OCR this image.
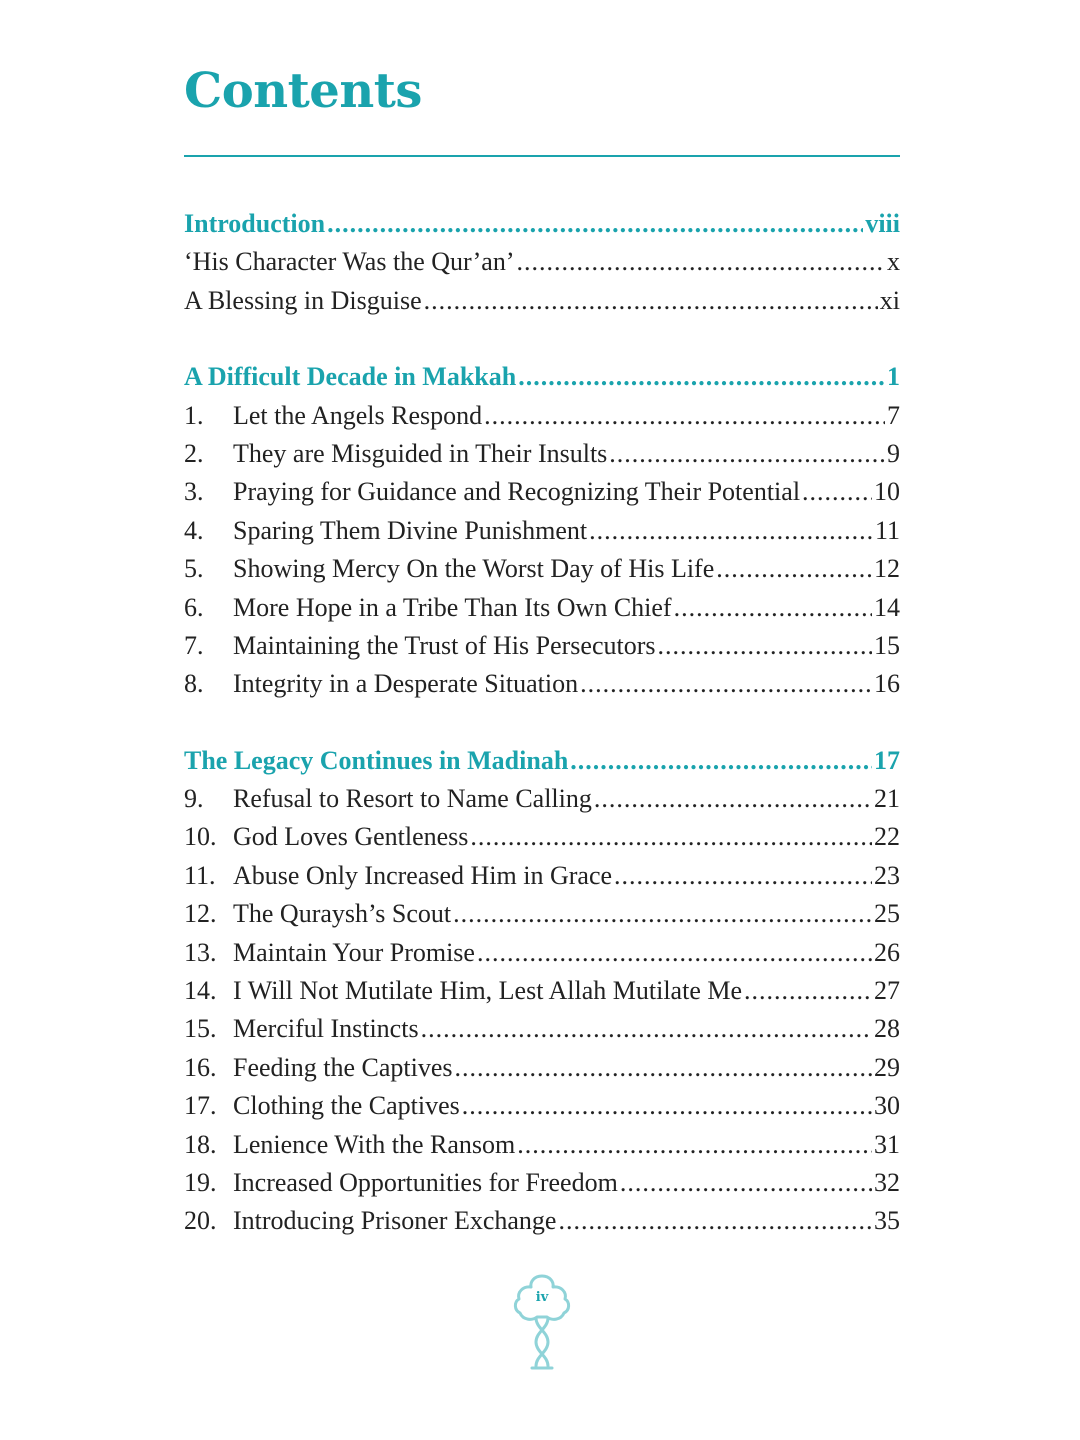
Contents
Introduction .....	viii
‘His Character Was the Qur’an’ .....	x
A Blessing in Disguise .....	xi
A Difficult Decade in Makkah .....	1
1.	Let the Angels Respond .....	7
2.	They are Misguided in Their Insults .....	9
3.	Praying for Guidance and Recognizing Their Potential .....	10
4.	Sparing Them Divine Punishment .....	11
5.	Showing Mercy On the Worst Day of His Life .....	12
6.	More Hope in a Tribe Than Its Own Chief .....	14
7.	Maintaining the Trust of His Persecutors .....	15
8.	Integrity in a Desperate Situation .....	16
The Legacy Continues in Madinah .....	17
9.	Refusal to Resort to Name Calling .....	21
10. God Loves Gentleness .....	22
11. Abuse Only Increased Him in Grace .....	23
12. The Quraysh’s Scout .....	25
13. Maintain Your Promise .....	26
14. I Will Not Mutilate Him, Lest Allah Mutilate Me .....	27
15. Merciful Instincts .....	28
16. Feeding the Captives .....	29
17. Clothing the Captives .....	30
18. Lenience With the Ransom .....	31
19. Increased Opportunities for Freedom .....	32
20. Introducing Prisoner Exchange .....	35
iv
